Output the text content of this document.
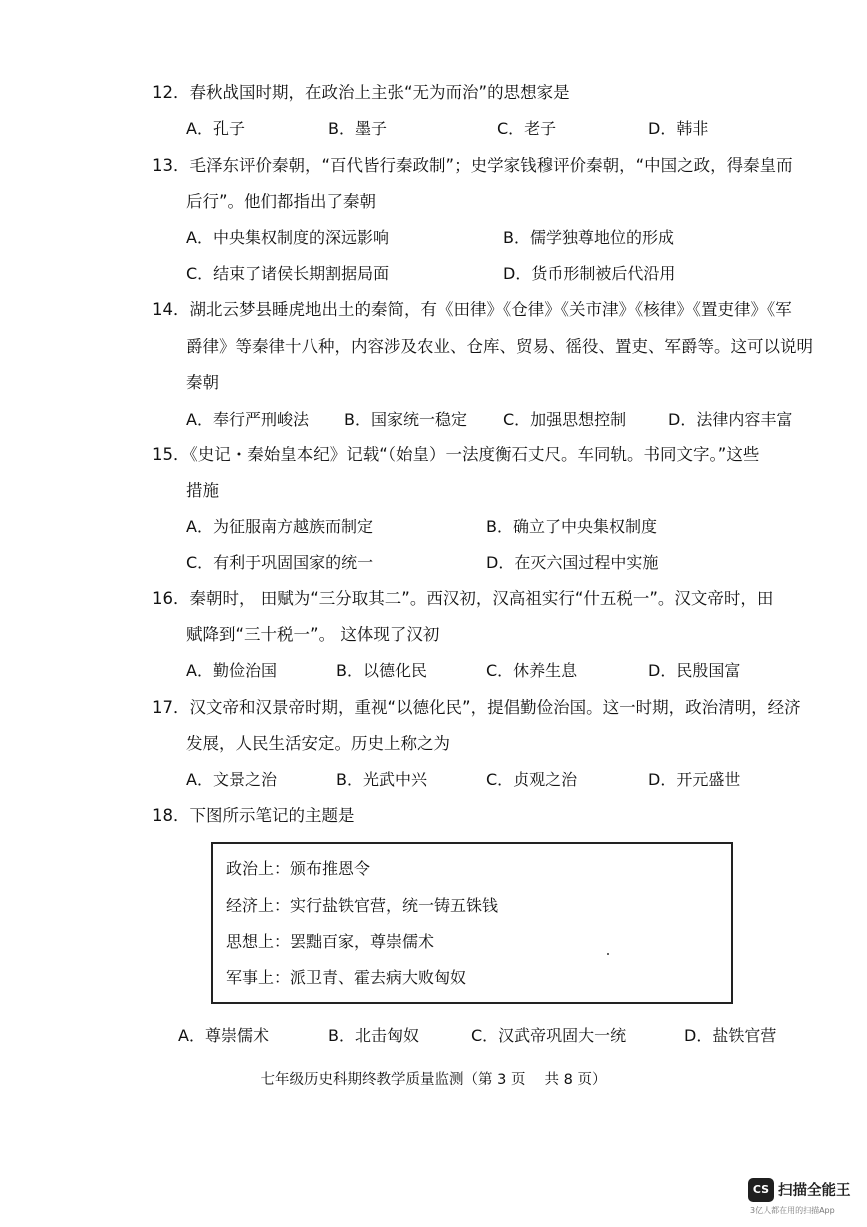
12．春秋战国时期，在政治上主张“无为而治”的思想家是
A．孔子	B．墨子	C．老子	D．韩非
13．毛泽东评价秦朝，“百代皆行秦政制”；史学家钱穆评价秦朝，“中国之政，得秦皇而
后行”。他们都指出了秦朝
A．中央集权制度的深远影响	B．儒学独尊地位的形成
C．结束了诸侯长期割据局面	D．货币形制被后代沿用
14．湖北云梦县睡虎地出土的秦简，有《田律》《仓律》《关市津》《核律》《置吏律》《军
爵律》等秦律十八种，内容涉及农业、仓库、贸易、徭役、置吏、军爵等。这可以说明
秦朝
A．奉行严刑峻法 B．国家统一稳定 C．加强思想控制	D．法律内容丰富
15．《史记・秦始皇本纪》记载“（始皇）一法度衡石丈尺。车同轨。书同文字。”这些
措施
A．为征服南方越族而制定	B．确立了中央集权制度
C．有利于巩固国家的统一	D．在灭六国过程中实施
16．秦朝时， 田赋为“三分取其二”。西汉初，汉高祖实行“什五税一”。汉文帝时，田
赋降到“三十税一”。 这体现了汉初
A．勤俭治国	B．以德化民	C．休养生息	D．民殷国富
17．汉文帝和汉景帝时期，重视“以德化民”，提倡勤俭治国。这一时期，政治清明，经济
发展，人民生活安定。历史上称之为
A．文景之治	B．光武中兴	C．贞观之治	D．开元盛世
18．下图所示笔记的主题是
政治上：颁布推恩令
经济上：实行盐铁官营，统一铸五铢钱
思想上：罢黜百家，尊崇儒术
军事上：派卫青、霍去病大败匈奴
A．尊崇儒术	B．北击匈奴	C．汉武帝巩固大一统	D．盐铁官营
七年级历史科期终教学质量监测（第 3 页　 共 8 页）
CS 扫描全能王
3亿人都在用的扫描App
